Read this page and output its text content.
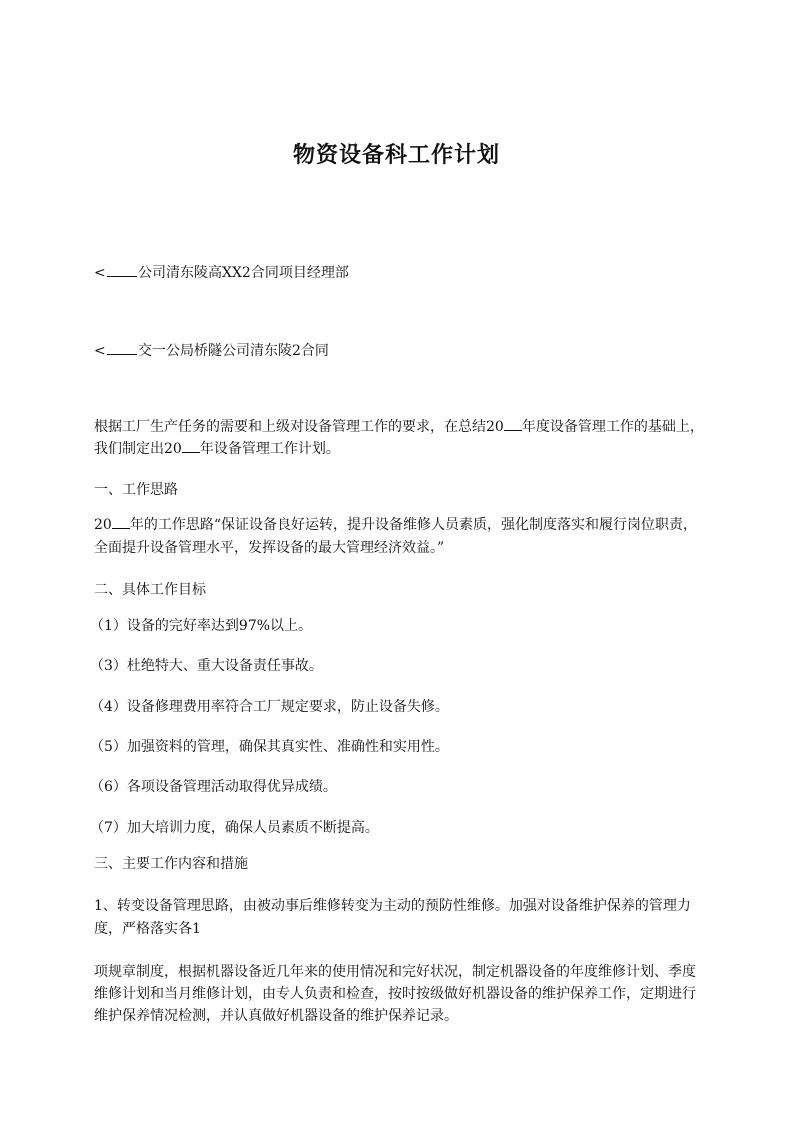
物资设备科工作计划
< 公司清东陵高XX2合同项目经理部
< 交一公局桥隧公司清东陵2合同
根据工厂生产任务的需要和上级对设备管理工作的要求，在总结20 年度设备管理工作的基础上，我们制定出20 年设备管理工作计划。
一、工作思路
20 年的工作思路“保证设备良好运转，提升设备维修人员素质，强化制度落实和履行岗位职责，全面提升设备管理水平，发挥设备的最大管理经济效益。”
二、具体工作目标
（1）设备的完好率达到97%以上。
（3）杜绝特大、重大设备责任事故。
（4）设备修理费用率符合工厂规定要求，防止设备失修。
（5）加强资料的管理，确保其真实性、准确性和实用性。
（6）各项设备管理活动取得优异成绩。
（7）加大培训力度，确保人员素质不断提高。
三、主要工作内容和措施
1、转变设备管理思路，由被动事后维修转变为主动的预防性维修。加强对设备维护保养的管理力度，严格落实各1
项规章制度，根据机器设备近几年来的使用情况和完好状况，制定机器设备的年度维修计划、季度维修计划和当月维修计划，由专人负责和检查，按时按级做好机器设备的维护保养工作，定期进行维护保养情况检测，并认真做好机器设备的维护保养记录。
